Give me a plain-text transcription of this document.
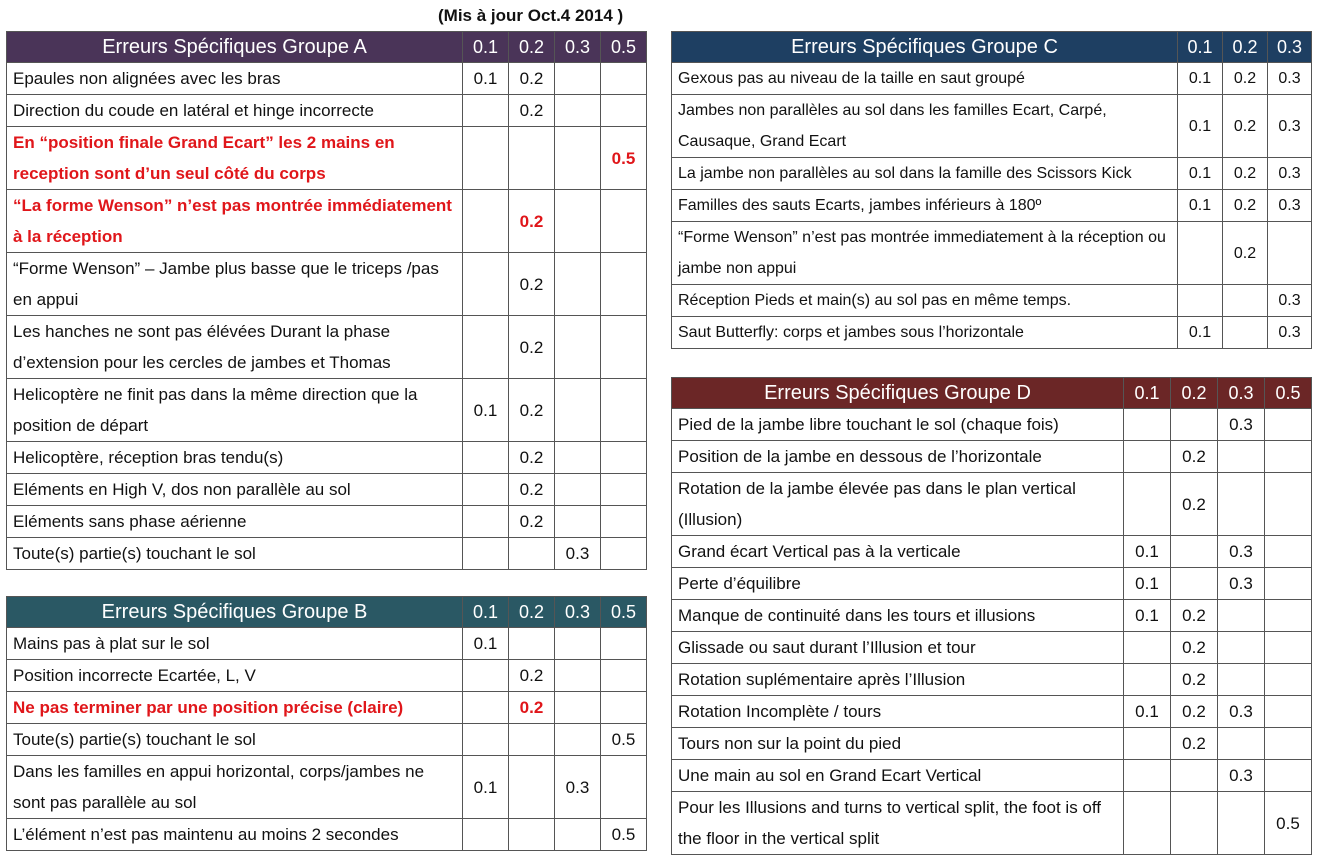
(Mis à jour Oct.4 2014 )
Erreurs Spécifiques Groupe A	0.1	0.2	0.3	0.5
Epaules non alignées avec les bras	0.1	0.2		
Direction du coude en latéral et hinge incorrecte		0.2		
En “position finale Grand Ecart” les 2 mains en reception sont d’un seul côté du corps				0.5
“La forme Wenson” n’est pas montrée immédiatement à la réception		0.2		
“Forme Wenson” – Jambe plus basse que le triceps /pas en appui		0.2		
Les hanches ne sont pas élévées Durant la phase d’extension pour les cercles de jambes et Thomas		0.2		
Helicoptère ne finit pas dans la même direction que la position de départ	0.1	0.2		
Helicoptère, réception bras tendu(s)		0.2		
Eléments en High V, dos non parallèle au sol		0.2		
Eléments sans phase aérienne		0.2		
Toute(s) partie(s) touchant le sol			0.3	
Erreurs Spécifiques Groupe B	0.1	0.2	0.3	0.5
Mains pas à plat sur le sol	0.1			
Position incorrecte Ecartée, L, V		0.2		
Ne pas terminer par une position précise (claire)		0.2		
Toute(s) partie(s) touchant le sol				0.5
Dans les familles en appui horizontal, corps/jambes ne sont pas parallèle au sol	0.1		0.3	
L’élément n’est pas maintenu au moins 2 secondes				0.5
Erreurs Spécifiques Groupe C	0.1	0.2	0.3
Gexous pas au niveau de la taille en saut groupé	0.1	0.2	0.3
Jambes non parallèles au sol dans les familles Ecart, Carpé, Causaque, Grand Ecart	0.1	0.2	0.3
La jambe non parallèles au sol dans la famille des Scissors Kick	0.1	0.2	0.3
Familles des sauts Ecarts, jambes inférieurs à 180º	0.1	0.2	0.3
“Forme Wenson” n’est pas montrée immediatement à la réception ou jambe non appui		0.2	
Réception Pieds et main(s) au sol pas en même temps.			0.3
Saut Butterfly: corps et jambes sous l’horizontale	0.1		0.3
Erreurs Spécifiques Groupe D	0.1	0.2	0.3	0.5
Pied de la jambe libre touchant le sol (chaque fois)			0.3	
Position de la jambe en dessous de l’horizontale		0.2		
Rotation de la jambe élevée pas dans le plan vertical (Illusion)		0.2		
Grand écart Vertical pas à la verticale	0.1		0.3	
Perte d’équilibre	0.1		0.3	
Manque de continuité dans les tours et illusions	0.1	0.2		
Glissade ou saut durant l’Illusion et tour		0.2		
Rotation suplémentaire après l’Illusion		0.2		
Rotation Incomplète / tours	0.1	0.2	0.3	
Tours non sur la point du pied		0.2		
Une main au sol en Grand Ecart Vertical			0.3	
Pour les Illusions and turns to vertical split, the foot is off the floor in the vertical split				0.5
